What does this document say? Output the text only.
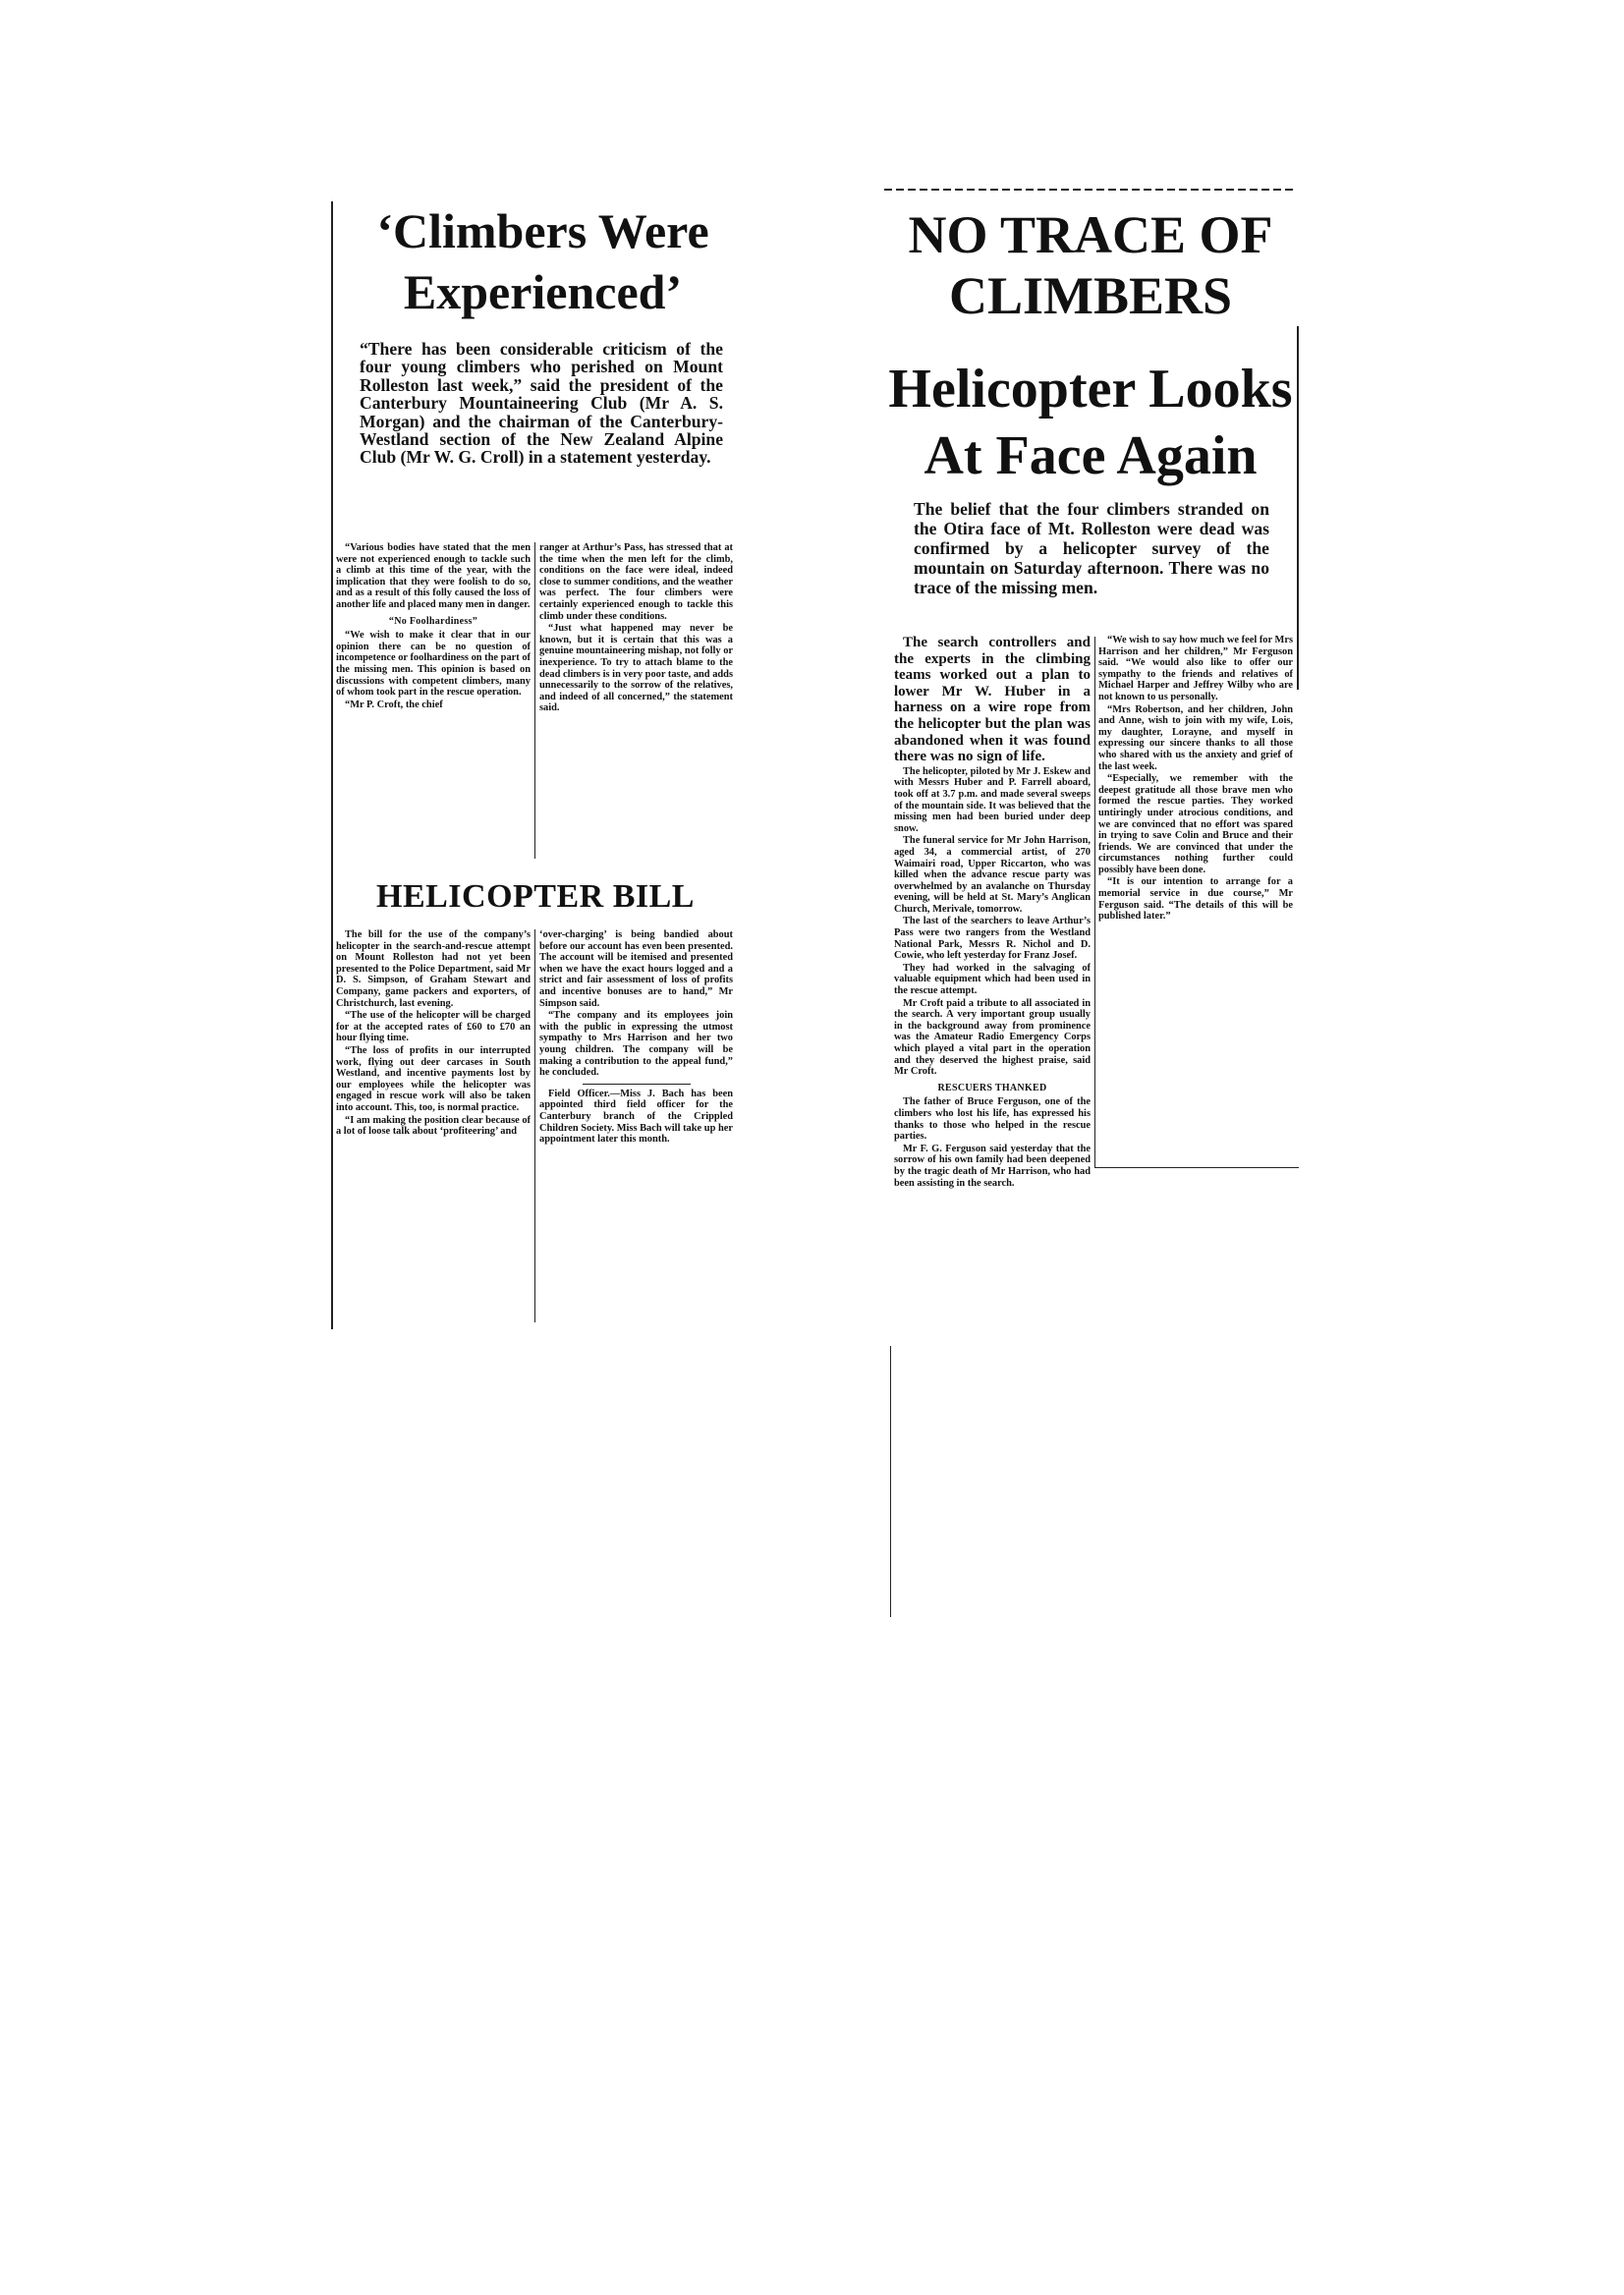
‘Climbers Were
Experienced’
“There has been considerable criticism of the four young climbers who perished on Mount Rolleston last week,” said the president of the Canterbury Mountaineering Club (Mr A. S. Morgan) and the chairman of the Canterbury-Westland section of the New Zealand Alpine Club (Mr W. G. Croll) in a statement yesterday.

“Various bodies have stated that the men were not experienced enough to tackle such a climb at this time of the year, with the implication that they were foolish to do so, and as a result of this folly caused the loss of another life and placed many men in danger.

“No Foolhardiness”

“We wish to make it clear that in our opinion there can be no question of incompetence or foolhardiness on the part of the missing men. This opinion is based on discussions with competent climbers, many of whom took part in the rescue operation.

“Mr P. Croft, the chief

ranger at Arthur’s Pass, has stressed that at the time when the men left for the climb, conditions on the face were ideal, indeed close to summer conditions, and the weather was perfect. The four climbers were certainly experienced enough to tackle this climb under these conditions.

“Just what happened may never be known, but it is certain that this was a genuine mountaineering mishap, not folly or inexperience. To try to attach blame to the dead climbers is in very poor taste, and adds unnecessarily to the sorrow of the relatives, and indeed of all concerned,” the statement said.

HELICOPTER BILL

The bill for the use of the company’s helicopter in the search-and-rescue attempt on Mount Rolleston had not yet been presented to the Police Department, said Mr D. S. Simpson, of Graham Stewart and Company, game packers and exporters, of Christchurch, last evening.

“The use of the helicopter will be charged for at the accepted rates of £60 to £70 an hour flying time.

“The loss of profits in our interrupted work, flying out deer carcases in South Westland, and incentive payments lost by our employees while the helicopter was engaged in rescue work will also be taken into account. This, too, is normal practice.

“I am making the position clear because of a lot of loose talk about ‘profiteering’ and

‘over-charging’ is being bandied about before our account has even been presented. The account will be itemised and presented when we have the exact hours logged and a strict and fair assessment of loss of profits and incentive bonuses are to hand,” Mr Simpson said.

“The company and its employees join with the public in expressing the utmost sympathy to Mrs Harrison and her two young children. The company will be making a contribution to the appeal fund,” he concluded.

Field Officer.—Miss J. Bach has been appointed third field officer for the Canterbury branch of the Crippled Children Society. Miss Bach will take up her appointment later this month.

NO TRACE OF
CLIMBERS
Helicopter Looks
At Face Again
The belief that the four climbers stranded on the Otira face of Mt. Rolleston were dead was confirmed by a helicopter survey of the mountain on Saturday afternoon. There was no trace of the missing men.

The search controllers and the experts in the climbing teams worked out a plan to lower Mr W. Huber in a harness on a wire rope from the helicopter but the plan was abandoned when it was found there was no sign of life.

The helicopter, piloted by Mr J. Eskew and with Messrs Huber and P. Farrell aboard, took off at 3.7 p.m. and made several sweeps of the mountain side. It was believed that the missing men had been buried under deep snow.

The funeral service for Mr John Harrison, aged 34, a commercial artist, of 270 Waimairi road, Upper Riccarton, who was killed when the advance rescue party was overwhelmed by an avalanche on Thursday evening, will be held at St. Mary’s Anglican Church, Merivale, tomorrow.

The last of the searchers to leave Arthur’s Pass were two rangers from the Westland National Park, Messrs R. Nichol and D. Cowie, who left yesterday for Franz Josef.

They had worked in the salvaging of valuable equipment which had been used in the rescue attempt.

Mr Croft paid a tribute to all associated in the search. A very important group usually in the background away from prominence was the Amateur Radio Emergency Corps which played a vital part in the operation and they deserved the highest praise, said Mr Croft.

RESCUERS THANKED

The father of Bruce Ferguson, one of the climbers who lost his life, has expressed his thanks to those who helped in the rescue parties.

Mr F. G. Ferguson said yesterday that the sorrow of his own family had been deepened by the tragic death of Mr Harrison, who had been assisting in the search.

“We wish to say how much we feel for Mrs Harrison and her children,” Mr Ferguson said. “We would also like to offer our sympathy to the friends and relatives of Michael Harper and Jeffrey Wilby who are not known to us personally.

“Mrs Robertson, and her children, John and Anne, wish to join with my wife, Lois, my daughter, Lorayne, and myself in expressing our sincere thanks to all those who shared with us the anxiety and grief of the last week.

“Especially, we remember with the deepest gratitude all those brave men who formed the rescue parties. They worked untiringly under atrocious conditions, and we are convinced that no effort was spared in trying to save Colin and Bruce and their friends. We are convinced that under the circumstances nothing further could possibly have been done.

“It is our intention to arrange for a memorial service in due course,” Mr Ferguson said. “The details of this will be published later.”
